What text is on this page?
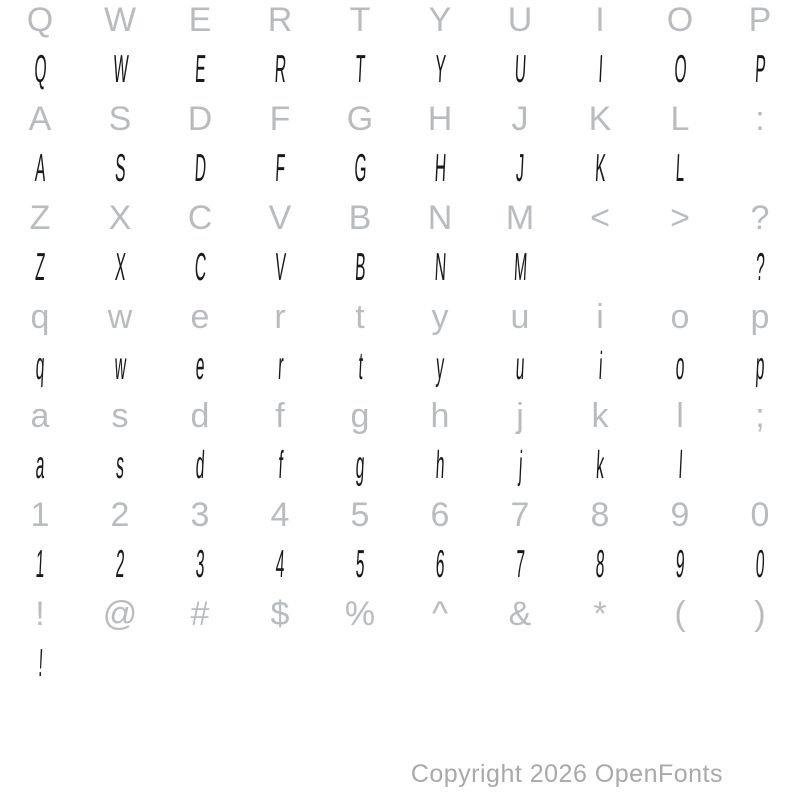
Q W E R T Y U I O P
Q W E R T Y U I O P
A S D F G H J K L :
A S D F G H J K L
Z X C V B N M < > ?
Z X C V B N M	?
q w e r t y u i o p
q w e r t y u i o p
a s d f g h j k l ;
a s d f g h j k l
1 2 3 4 5 6 7 8 9 0
1 2 3 4 5 6 7 8 9 0
! @ # $ % ^ & * ( )
!
Copyright 2026 OpenFonts
